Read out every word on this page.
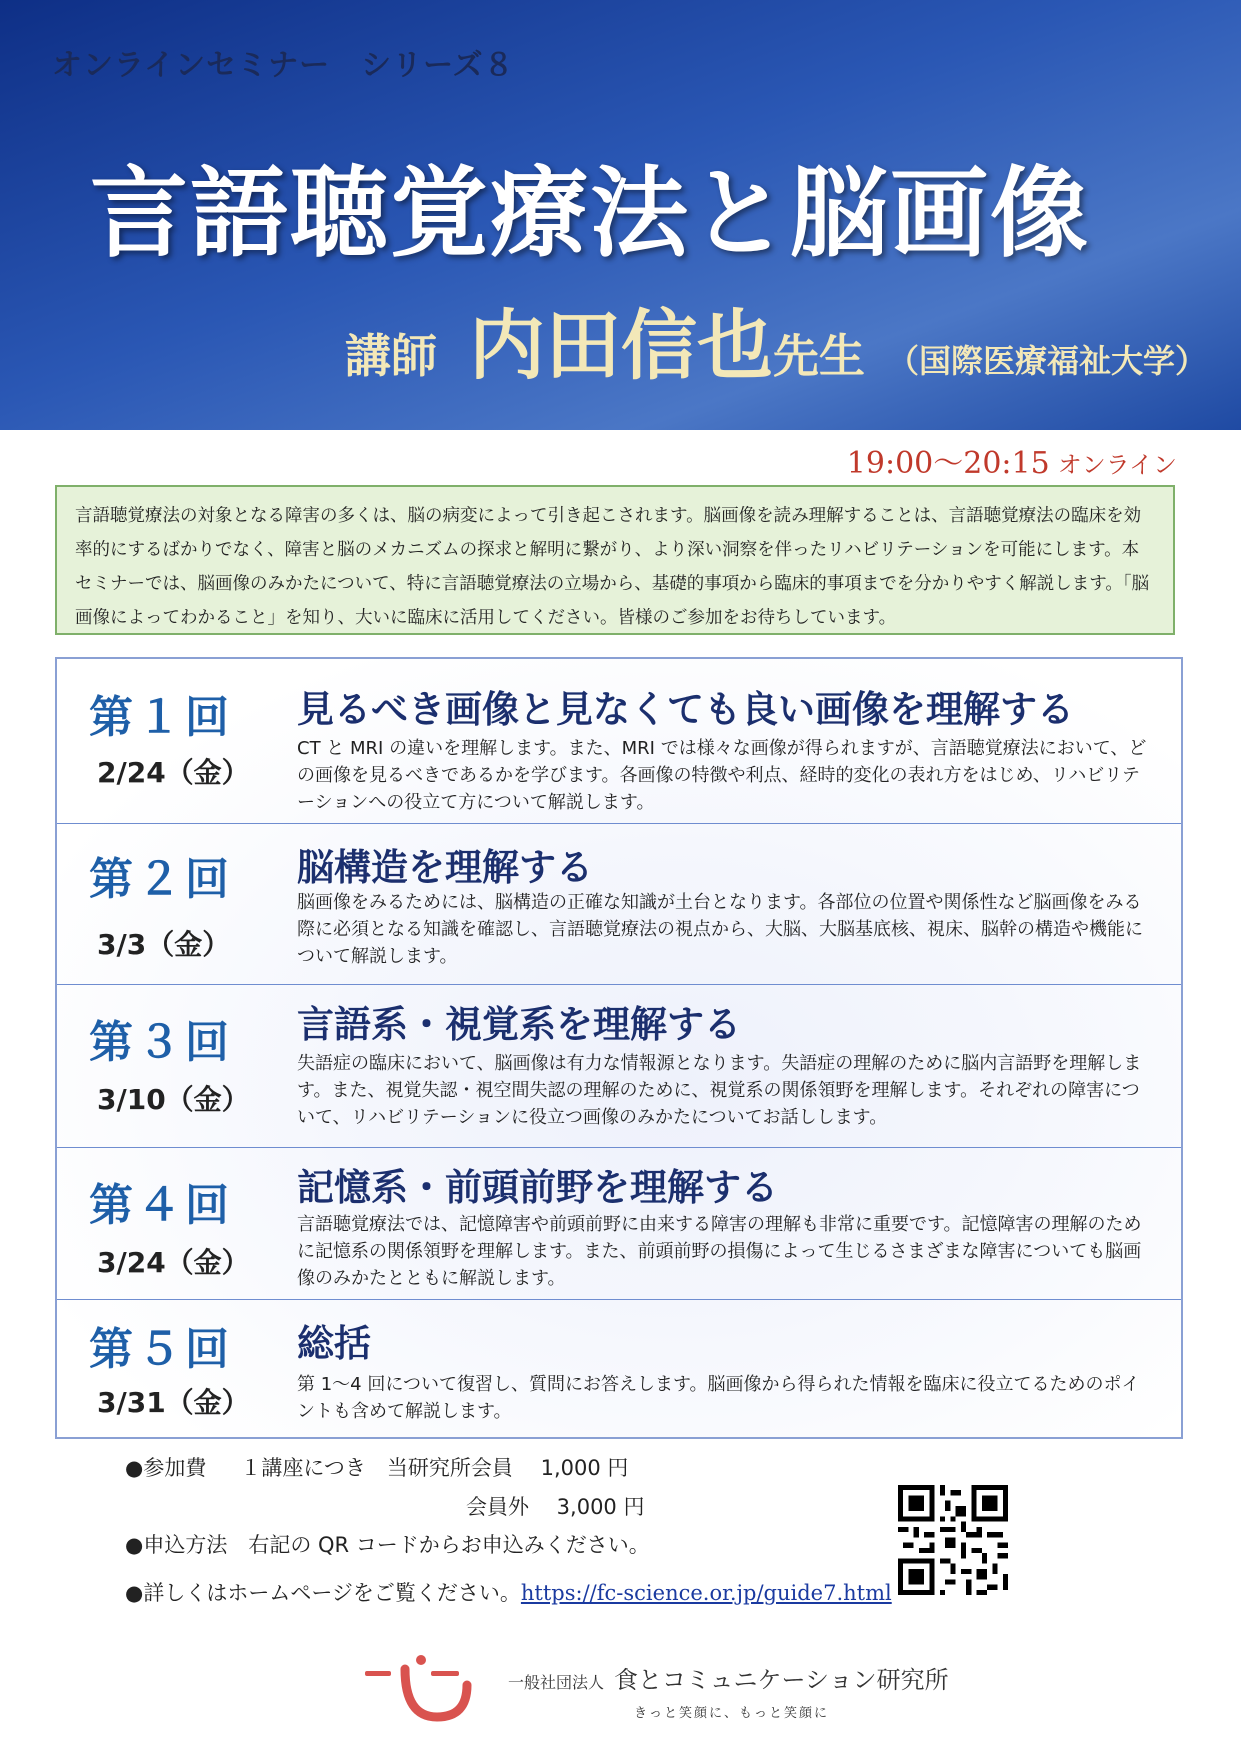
オンラインセミナー　シリーズ８
言語聴覚療法と脳画像
講師 内田信也先生 （国際医療福祉大学）
19:00～20:15 オンライン
言語聴覚療法の対象となる障害の多くは、脳の病変によって引き起こされます。脳画像を読み理解することは、言語聴覚療法の臨床を効率的にするばかりでなく、障害と脳のメカニズムの探求と解明に繋がり、より深い洞察を伴ったリハビリテーションを可能にします。本セミナーでは、脳画像のみかたについて、特に言語聴覚療法の立場から、基礎的事項から臨床的事項までを分かりやすく解説します。「脳画像によってわかること」を知り、大いに臨床に活用してください。皆様のご参加をお待ちしています。
第１回
2/24（金）
見るべき画像と見なくても良い画像を理解する
CT と MRI の違いを理解します。また、MRI では様々な画像が得られますが、言語聴覚療法において、どの画像を見るべきであるかを学びます。各画像の特徴や利点、経時的変化の表れ方をはじめ、リハビリテーションへの役立て方について解説します。
第２回
3/3（金）
脳構造を理解する
脳画像をみるためには、脳構造の正確な知識が土台となります。各部位の位置や関係性など脳画像をみる際に必須となる知識を確認し、言語聴覚療法の視点から、大脳、大脳基底核、視床、脳幹の構造や機能について解説します。
第３回
3/10（金）
言語系・視覚系を理解する
失語症の臨床において、脳画像は有力な情報源となります。失語症の理解のために脳内言語野を理解します。また、視覚失認・視空間失認の理解のために、視覚系の関係領野を理解します。それぞれの障害について、リハビリテーションに役立つ画像のみかたについてお話しします。
第４回
3/24（金）
記憶系・前頭前野を理解する
言語聴覚療法では、記憶障害や前頭前野に由来する障害の理解も非常に重要です。記憶障害の理解のために記憶系の関係領野を理解します。また、前頭前野の損傷によって生じるさまざまな障害についても脳画像のみかたとともに解説します。
第５回
3/31（金）
総括
第 1～4 回について復習し、質問にお答えします。脳画像から得られた情報を臨床に役立てるためのポイントも含めて解説します。
●参加費 １講座につき　当研究所会員　 1,000 円
会員外　 3,000 円
●申込方法　右記の QR コードからお申込みください。
●詳しくはホームページをご覧ください。https://fc-science.or.jp/guide7.html
一般社団法人 食とコミュニケーション研究所
きっと笑顔に、もっと笑顔に
